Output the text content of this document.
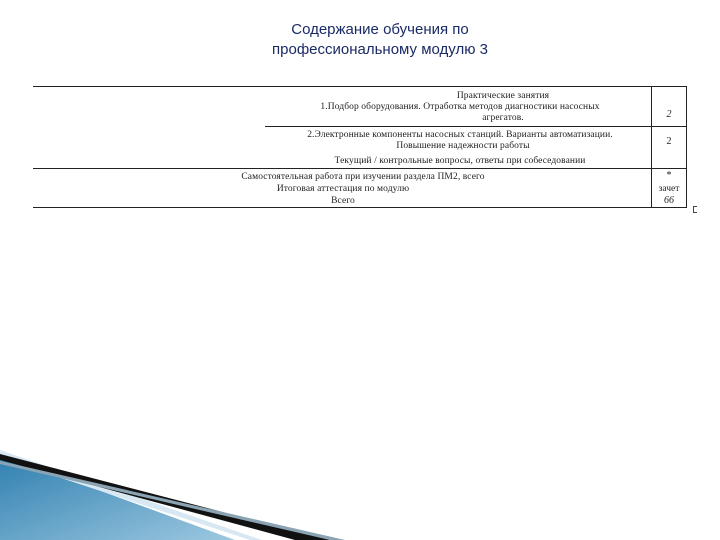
Содержание обучения по
профессиональному модулю 3
Практические занятия
1.Подбор оборудования. Отработка методов диагностики насосных
агрегатов.	2
2.Электронные компоненты насосных станций. Варианты автоматизации.
Повышение надежности работы	2
Текущий / контрольные вопросы, ответы при собеседовании
Самостоятельная работа при изучении раздела ПМ2, всего	*
Итоговая аттестация по модулю	зачет
Всего	66
